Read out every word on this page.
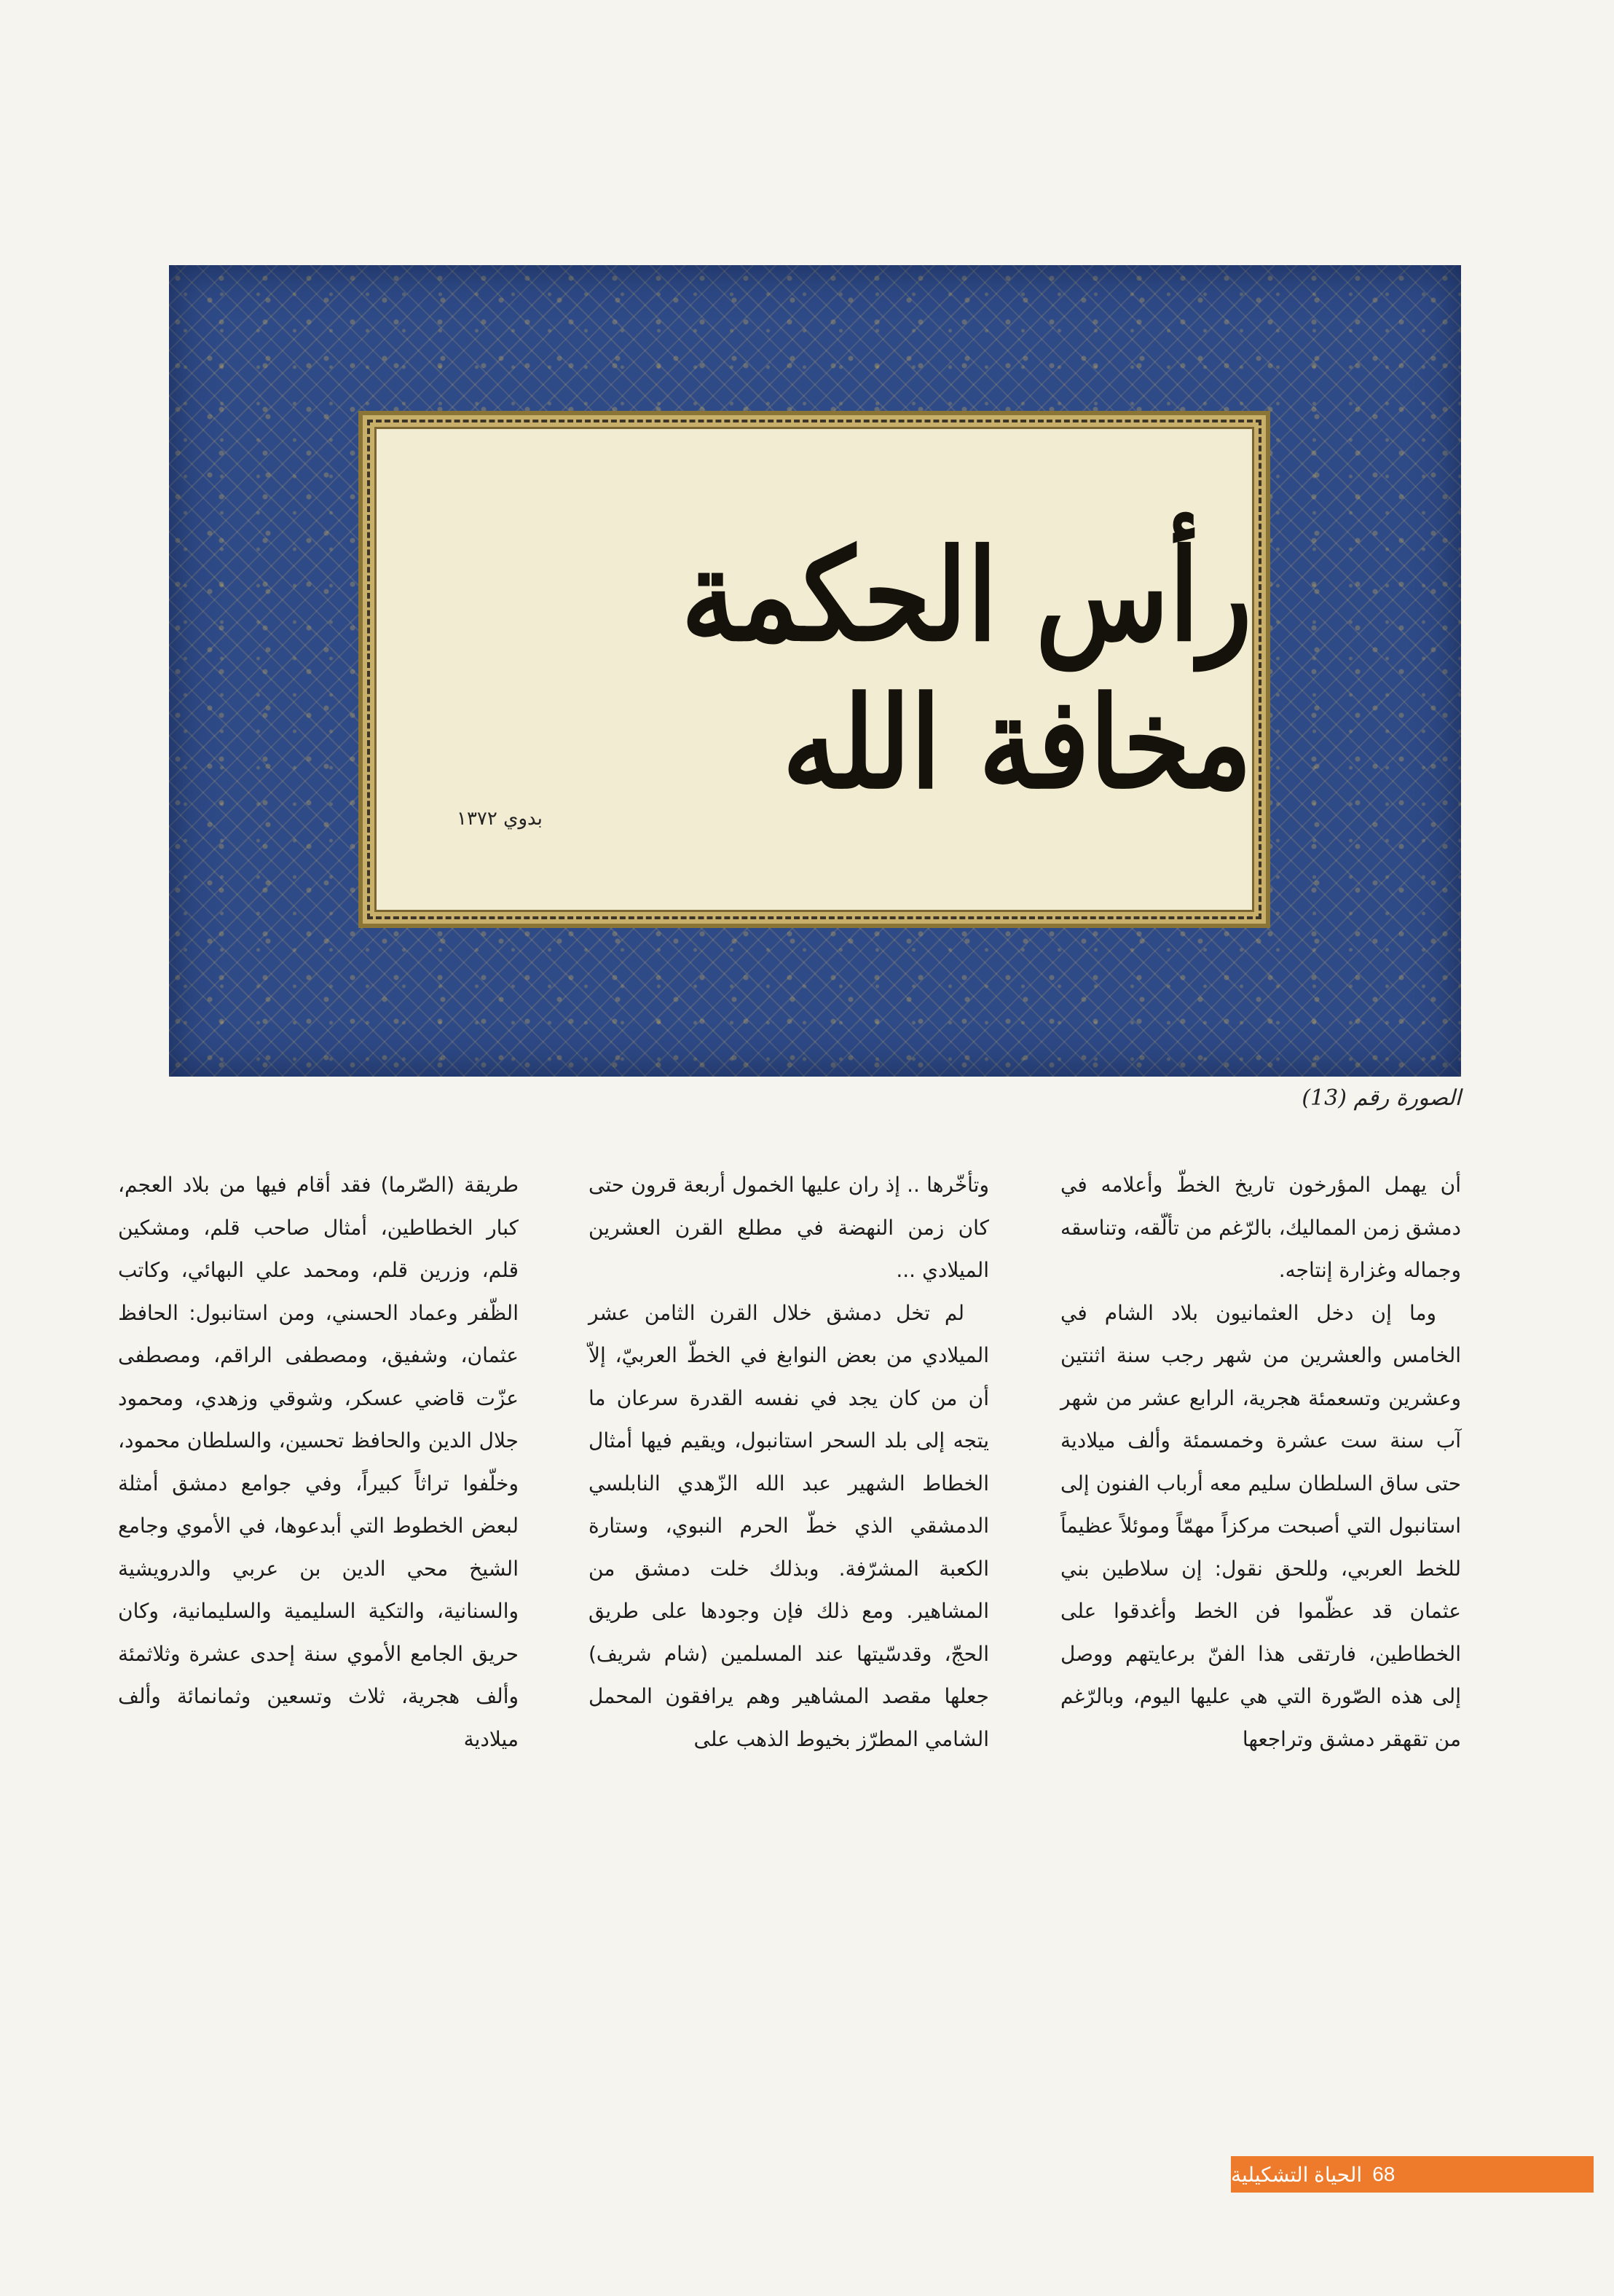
رأس الحكمة مخافة الله
بدوي ١٣٧٢
الصورة رقم (13)

أن يهمل المؤرخون تاريخ الخطّ وأعلامه في دمشق زمن المماليك، بالرّغم من تألّقه، وتناسقه وجماله وغزارة إنتاجه.

وما إن دخل العثمانيون بلاد الشام في الخامس والعشرين من شهر رجب سنة اثنتين وعشرين وتسعمئة هجرية، الرابع عشر من شهر آب سنة ست عشرة وخمسمئة وألف ميلادية حتى ساق السلطان سليم معه أرباب الفنون إلى استانبول التي أصبحت مركزاً مهمّاً وموئلاً عظيماً للخط العربي، وللحق نقول: إن سلاطين بني عثمان قد عظّموا فن الخط وأغدقوا على الخطاطين، فارتقى هذا الفنّ برعايتهم ووصل إلى هذه الصّورة التي هي عليها اليوم، وبالرّغم من تقهقر دمشق وتراجعها

وتأخّرها .. إذ ران عليها الخمول أربعة قرون حتى كان زمن النهضة في مطلع القرن العشرين الميلادي ...

لم تخل دمشق خلال القرن الثامن عشر الميلادي من بعض النوابغ في الخطّ العربيّ، إلاّ أن من كان يجد في نفسه القدرة سرعان ما يتجه إلى بلد السحر استانبول، ويقيم فيها أمثال الخطاط الشهير عبد الله الزّهدي النابلسي الدمشقي الذي خطّ الحرم النبوي، وستارة الكعبة المشرّفة. وبذلك خلت دمشق من المشاهير. ومع ذلك فإن وجودها على طريق الحجّ، وقدسّيتها عند المسلمين (شام شريف) جعلها مقصد المشاهير وهم يرافقون المحمل الشامي المطرّز بخيوط الذهب على

طريقة (الصّرما) فقد أقام فيها من بلاد العجم، كبار الخطاطين، أمثال صاحب قلم، ومشكين قلم، وزرين قلم، ومحمد علي البهائي، وكاتب الظّفر وعماد الحسني، ومن استانبول: الحافظ عثمان، وشفيق، ومصطفى الراقم، ومصطفى عزّت قاضي عسكر، وشوقي وزهدي، ومحمود جلال الدين والحافظ تحسين، والسلطان محمود، وخلّفوا تراثاً كبيراً، وفي جوامع دمشق أمثلة لبعض الخطوط التي أبدعوها، في الأموي وجامع الشيخ محي الدين بن عربي والدرويشية والسنانية، والتكية السليمية والسليمانية، وكان حريق الجامع الأموي سنة إحدى عشرة وثلاثمئة وألف هجرية، ثلاث وتسعين وثمانمائة وألف ميلادية

68
الحياة التشكيلية
